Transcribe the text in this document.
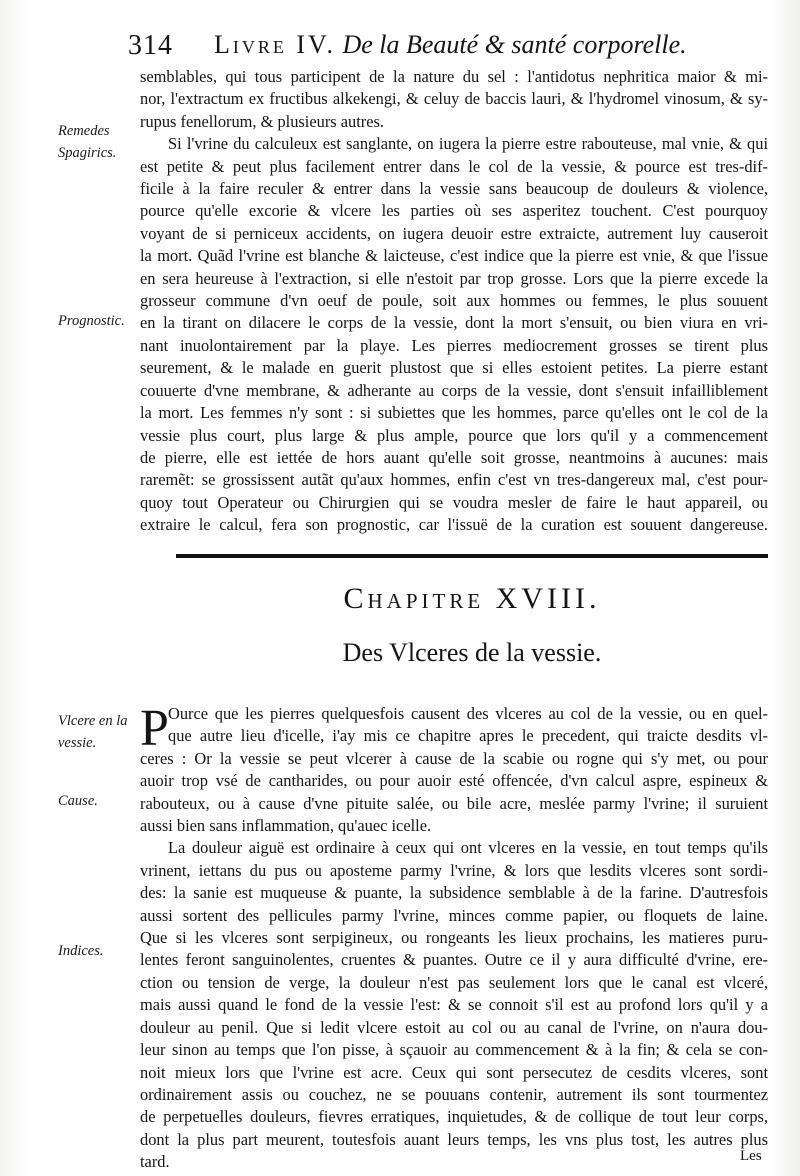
314 Livre IV. De la Beauté & santé corporelle.
Remedes Spagirics.
Prognostic.
Vlcere en la vessie.
Cause.
Indices.
semblables, qui tous participent de la nature du sel : l'antidotus nephritica maior & mi-
nor, l'extractum ex fructibus alkekengi, & celuy de baccis lauri, & l'hydromel vinosum, & sy-
rupus fenellorum, & plusieurs autres.
Si l'vrine du calculeux est sanglante, on iugera la pierre estre rabouteuse, mal vnie, & qui
est petite & peut plus facilement entrer dans le col de la vessie, & pource est tres-dif-
ficile à la faire reculer & entrer dans la vessie sans beaucoup de douleurs & violence,
pource qu'elle excorie & vlcere les parties où ses asperitez touchent. C'est pourquoy
voyant de si perniceux accidents, on iugera deuoir estre extraicte, autrement luy causeroit
la mort. Quãd l'vrine est blanche & laicteuse, c'est indice que la pierre est vnie, & que l'issue
en sera heureuse à l'extraction, si elle n'estoit par trop grosse. Lors que la pierre excede la
grosseur commune d'vn oeuf de poule, soit aux hommes ou femmes, le plus souuent
en la tirant on dilacere le corps de la vessie, dont la mort s'ensuit, ou bien viura en vri-
nant inuolontairement par la playe. Les pierres mediocrement grosses se tirent plus
seurement, & le malade en guerit plustost que si elles estoient petites. La pierre estant
couuerte d'vne membrane, & adherante au corps de la vessie, dont s'ensuit infailliblement
la mort. Les femmes n'y sont : si subiettes que les hommes, parce qu'elles ont le col de la
vessie plus court, plus large & plus ample, pource que lors qu'il y a commencement
de pierre, elle est iettée de hors auant qu'elle soit grosse, neantmoins à aucunes: mais
raremẽt: se grossissent autãt qu'aux hommes, enfin c'est vn tres-dangereux mal, c'est pour-
quoy tout Operateur ou Chirurgien qui se voudra mesler de faire le haut appareil, ou
extraire le calcul, fera son prognostic, car l'issuë de la curation est souuent dangereuse.
Chapitre XVIII.
Des Vlceres de la vessie.
P Ource que les pierres quelquesfois causent des vlceres au col de la vessie, ou en quel-
que autre lieu d'icelle, i'ay mis ce chapitre apres le precedent, qui traicte desdits vl-
ceres : Or la vessie se peut vlcerer à cause de la scabie ou rogne qui s'y met, ou pour
auoir trop vsé de cantharides, ou pour auoir esté offencée, d'vn calcul aspre, espineux &
rabouteux, ou à cause d'vne pituite salée, ou bile acre, meslée parmy l'vrine; il suruient
aussi bien sans inflammation, qu'auec icelle.
La douleur aiguë est ordinaire à ceux qui ont vlceres en la vessie, en tout temps qu'ils
vrinent, iettans du pus ou aposteme parmy l'vrine, & lors que lesdits vlceres sont sordi-
des: la sanie est muqueuse & puante, la subsidence semblable à de la farine. D'autresfois
aussi sortent des pellicules parmy l'vrine, minces comme papier, ou floquets de laine.
Que si les vlceres sont serpigineux, ou rongeants les lieux prochains, les matieres puru-
lentes feront sanguinolentes, cruentes & puantes. Outre ce il y aura difficulté d'vrine, ere-
ction ou tension de verge, la douleur n'est pas seulement lors que le canal est vlceré,
mais aussi quand le fond de la vessie l'est: & se connoit s'il est au profond lors qu'il y a
douleur au penil. Que si ledit vlcere estoit au col ou au canal de l'vrine, on n'aura dou-
leur sinon au temps que l'on pisse, à sçauoir au commencement & à la fin; & cela se con-
noit mieux lors que l'vrine est acre. Ceux qui sont persecutez de cesdits vlceres, sont
ordinairement assis ou couchez, ne se pouuans contenir, autrement ils sont tourmentez
de perpetuelles douleurs, fievres erratiques, inquietudes, & de collique de tout leur corps,
dont la plus part meurent, toutesfois auant leurs temps, les vns plus tost, les autres plus
tard.	Les
